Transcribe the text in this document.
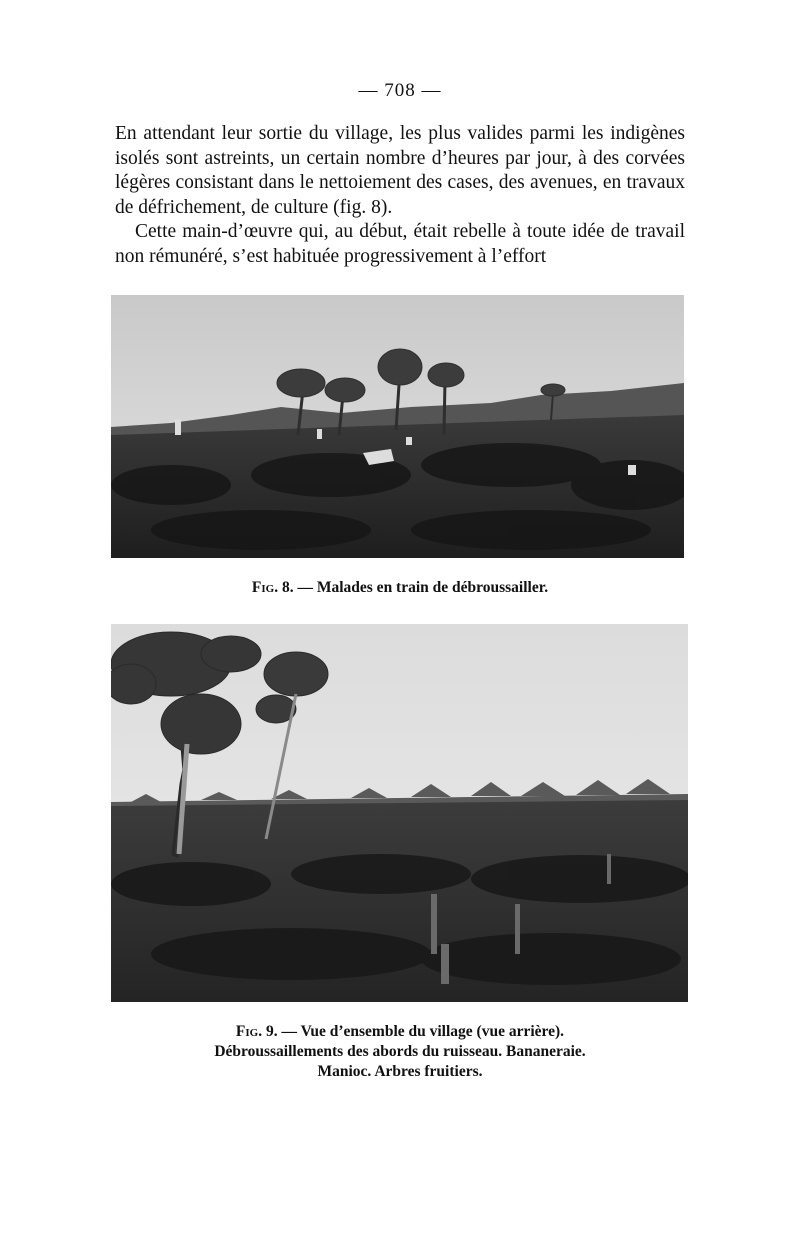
— 708 —

En attendant leur sortie du village, les plus valides parmi les indigènes isolés sont astreints, un certain nombre d’heures par jour, à des corvées légères consistant dans le nettoiement des cases, des avenues, en travaux de défrichement, de culture (fig. 8).

Cette main-d’œuvre qui, au début, était rebelle à toute idée de travail non rémunéré, s’est habituée progressivement à l’effort

Fig. 8. — Malades en train de débroussailler.
Fig. 9. — Vue d’ensemble du village (vue arrière).
Débroussaillements des abords du ruisseau. Bananeraie.
Manioc. Arbres fruitiers.
